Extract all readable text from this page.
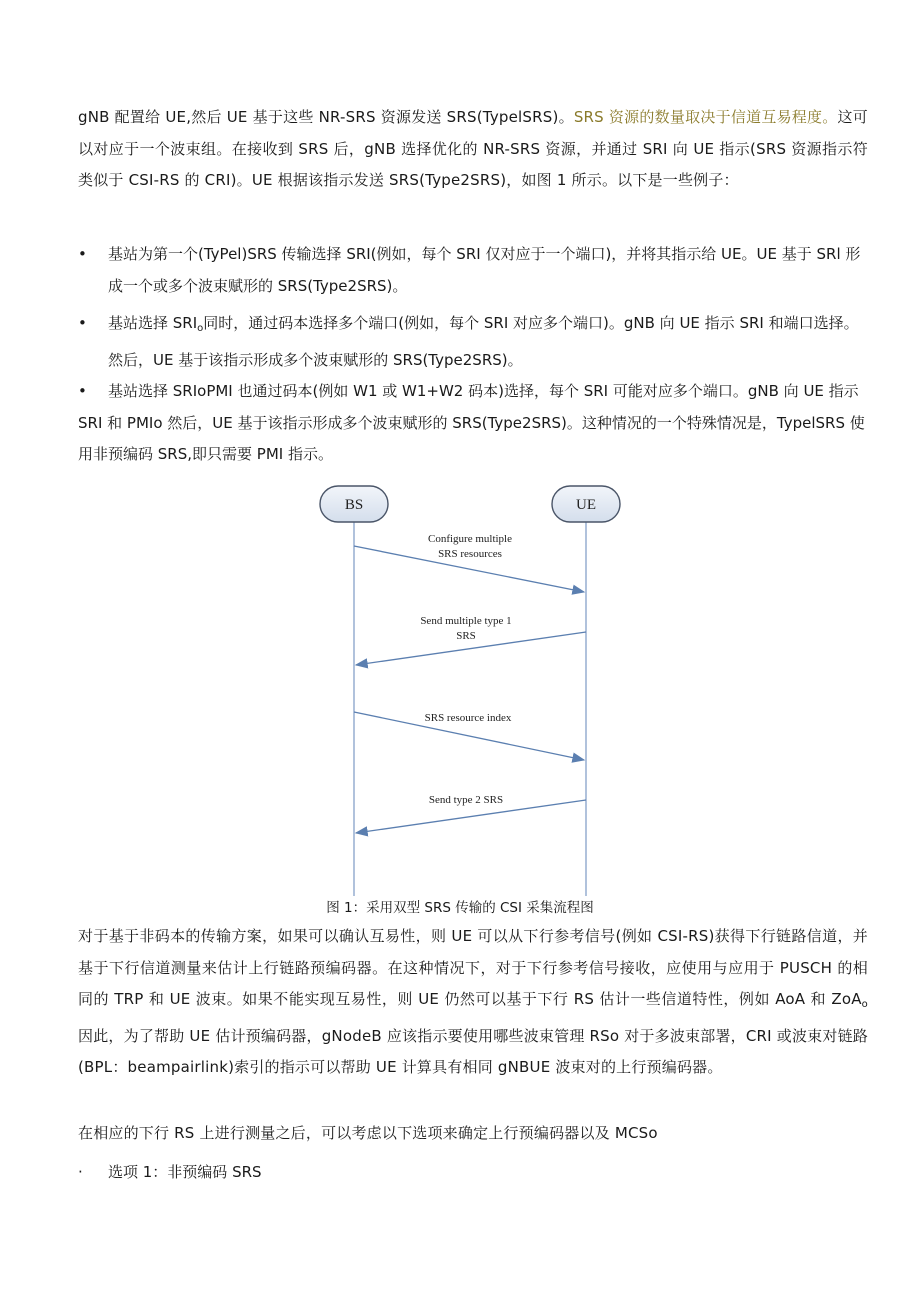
gNB 配置给 UE,然后 UE 基于这些 NR-SRS 资源发送 SRS(TypelSRS)。SRS 资源的数量取决于信道互易程度。这可以对应于一个波束组。在接收到 SRS 后，gNB 选择优化的 NR-SRS 资源，并通过 SRI 向 UE 指示(SRS 资源指示符类似于 CSI-RS 的 CRI)。UE 根据该指示发送 SRS(Type2SRS)，如图 1 所示。以下是一些例子：

•	基站为第一个(TyPel)SRS 传输选择 SRI(例如，每个 SRI 仅对应于一个端口)，并将其指示给 UE。UE 基于 SRl 形成一个或多个波束赋形的 SRS(Type2SRS)。

•	基站选择 $SRI_o$同时，通过码本选择多个端口(例如，每个 SRI 对应多个端口)。gNB 向 UE 指示 SRI 和端口选择。然后，UE 基于该指示形成多个波束赋形的 SRS(Type2SRS)。

•	基站选择 SRIoPMI 也通过码本(例如 W1 或 W1+W2 码本)选择，每个 SRI 可能对应多个端口。gNB 向 UE 指示 SRI 和 PMIo 然后，UE 基于该指示形成多个波束赋形的 SRS(Type2SRS)。这种情况的一个特殊情况是，TypelSRS 使用非预编码 SRS,即只需要 PMI 指示。

BS	UE
Configure multiple
SRS resources
Send multiple type 1
SRS
SRS resource index
Send type 2 SRS
图 1：采用双型 SRS 传输的 CSI 采集流程图

对于基于非码本的传输方案，如果可以确认互易性，则 UE 可以从下行参考信号(例如 CSI-RS)获得下行链路信道，并基于下行信道测量来估计上行链路预编码器。在这种情况下，对于下行参考信号接收，应使用与应用于 PUSCH 的相同的 TRP 和 UE 波束。如果不能实现互易性，则 UE 仍然可以基于下行 RS 估计一些信道特性，例如 AoA 和 ZoA$_o$因此，为了帮助 UE 估计预编码器，gNodeB 应该指示要使用哪些波束管理 RSo 对于多波束部署，CRI 或波束对链路(BPL：beampairlink)索引的指示可以帮助 UE 计算具有相同 gNBUE 波束对的上行预编码器。

在相应的下行 RS 上进行测量之后，可以考虑以下选项来确定上行预编码器以及 MCSo

·	选项 1：非预编码 SRS
